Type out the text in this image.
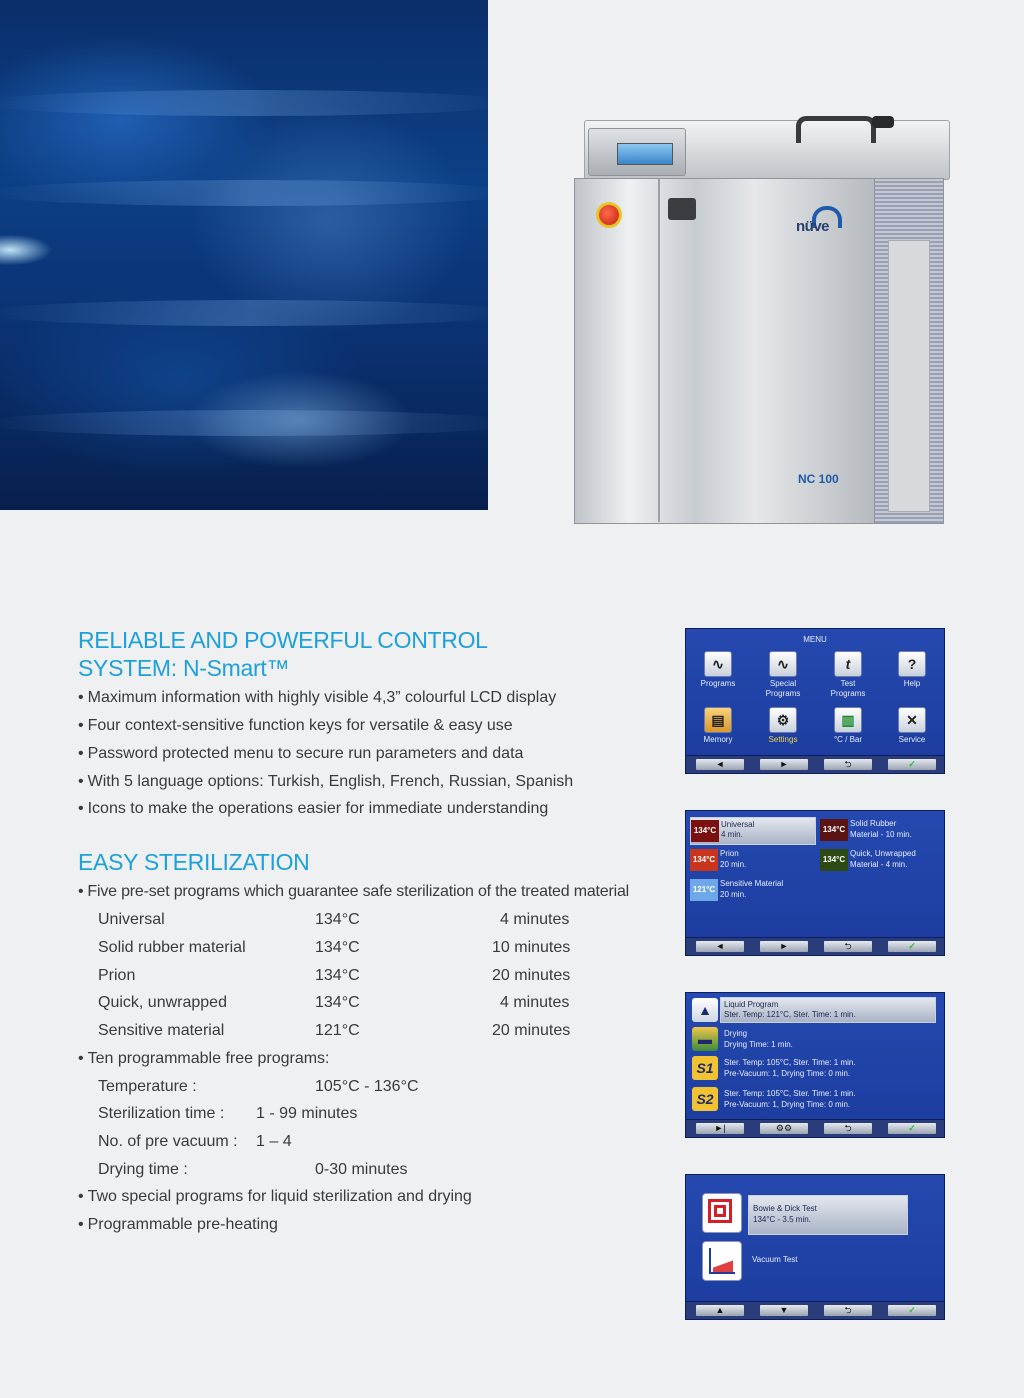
nüve
NC 100
RELIABLE AND POWERFUL CONTROL
SYSTEM: N-Smart™
• Maximum information with highly visible 4,3” colourful LCD display
• Four context-sensitive function keys for versatile & easy use
• Password protected menu to secure run parameters and data
• With 5 language options: Turkish, English, French, Russian, Spanish
• Icons to make the operations easier for immediate understanding
EASY STERILIZATION
• Five pre-set programs which guarantee safe sterilization of the treated material
Universal	134°C	4 minutes
Solid rubber material	134°C	10 minutes
Prion	134°C	20 minutes
Quick, unwrapped	134°C	4 minutes
Sensitive material	121°C	20 minutes
• Ten programmable free programs:
Temperature :	105°C - 136°C
Sterilization time : 1 - 99 minutes
No. of pre vacuum : 1 – 4
Drying time :	0-30 minutes
• Two special programs for liquid sterilization and drying
• Programmable pre-heating
MENU
∿
Programs
∿
Special
Programs
t
Test
Programs
?
Help
▤
Memory
⚙
Settings
▥
°C / Bar
✕
Service
◄	►	⮌	✓
134°C
Universal
4 min.
134°C
Solid Rubber
Material - 10 min.
134°C
Prion
20 min.
134°C
Quick, Unwrapped
Material - 4 min.
121°C
Sensitive Material
20 min.
◄	►	⮌	✓
▲	Liquid Program
Ster. Temp: 121°C, Ster. Time: 1 min.
▬	Drying
Drying Time: 1 min.
S1	Ster. Temp: 105°C, Ster. Time: 1 min.
Pre-Vacuum: 1, Drying Time: 0 min.
S2	Ster. Temp: 105°C, Ster. Time: 1 min.
Pre-Vacuum: 1, Drying Time: 0 min.
►|	⚙⚙	⮌	✓
Bowie & Dick Test
134°C - 3.5 min.
Vacuum Test
▲	▼	⮌	✓
